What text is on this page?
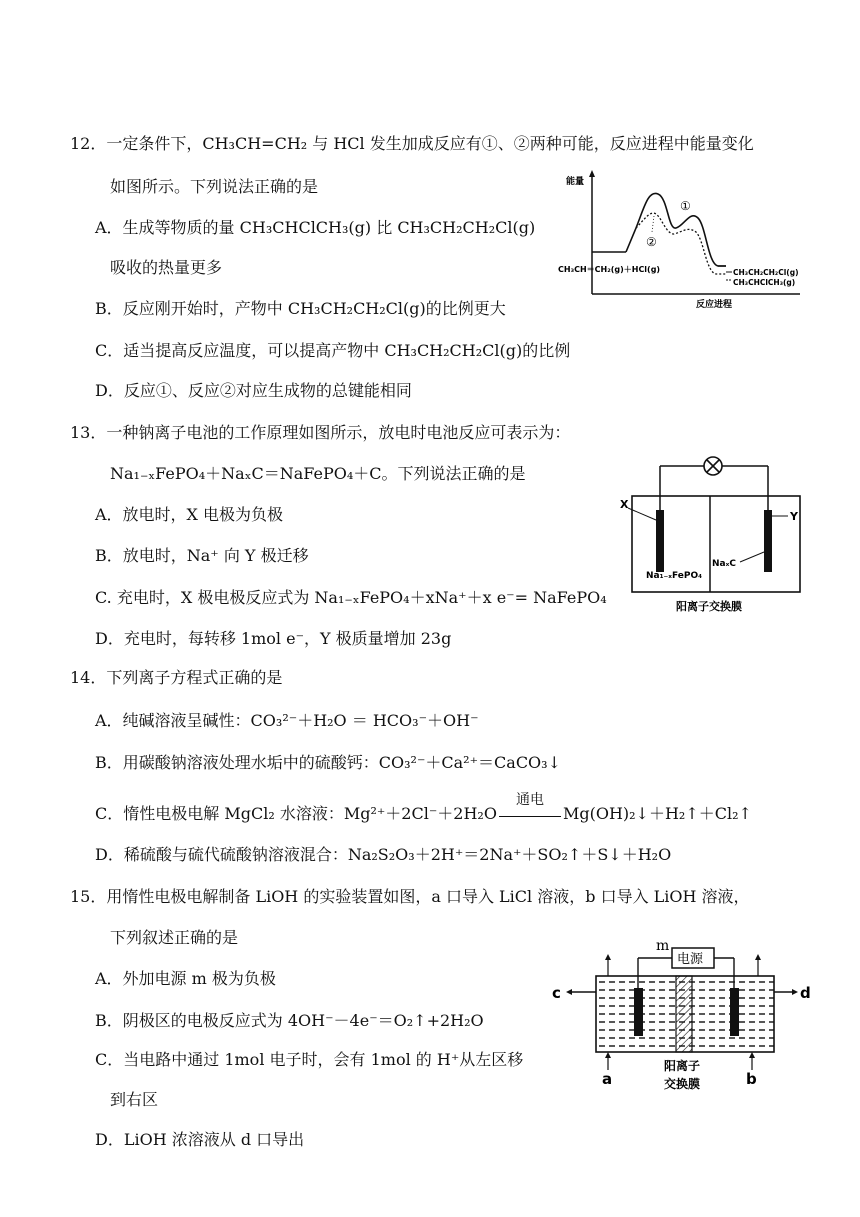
12．一定条件下，CH₃CH=CH₂ 与 HCl 发生加成反应有①、②两种可能，反应进程中能量变化
如图所示。下列说法正确的是
A．生成等物质的量 CH₃CHClCH₃(g) 比 CH₃CH₂CH₂Cl(g)
吸收的热量更多
B．反应刚开始时，产物中 CH₃CH₂CH₂Cl(g)的比例更大
C．适当提高反应温度，可以提高产物中 CH₃CH₂CH₂Cl(g)的比例
D．反应①、反应②对应生成物的总键能相同
能量
反应进程
CH₃CH＝CH₂(g)＋HCl(g)	CH₃CH₂CH₂Cl(g)
CH₃CHClCH₃(g)
①
②
13．一种钠离子电池的工作原理如图所示，放电时电池反应可表示为：
Na₁₋ₓFePO₄＋NaₓC＝NaFePO₄＋C。下列说法正确的是
A．放电时，X 电极为负极
B．放电时，Na⁺ 向 Y 极迁移
C. 充电时，X 极电极反应式为 Na₁₋ₓFePO₄＋xNa⁺＋x e⁻= NaFePO₄
D．充电时，每转移 1mol e⁻，Y 极质量增加 23g
X
Y
Na₁₋ₓFePO₄
NaₓC
阳离子交换膜
14．下列离子方程式正确的是
A．纯碱溶液呈碱性：CO₃²⁻＋H₂O ＝ HCO₃⁻＋OH⁻
B．用碳酸钠溶液处理水垢中的硫酸钙：CO₃²⁻＋Ca²⁺＝CaCO₃↓
C．惰性电极电解 MgCl₂ 水溶液：Mg²⁺＋2Cl⁻＋2H₂O
通电
Mg(OH)₂↓＋H₂↑＋Cl₂↑
D．稀硫酸与硫代硫酸钠溶液混合：Na₂S₂O₃＋2H⁺＝2Na⁺＋SO₂↑＋S↓＋H₂O
15．用惰性电极电解制备 LiOH 的实验装置如图，a 口导入 LiCl 溶液，b 口导入 LiOH 溶液，
下列叙述正确的是
A．外加电源 m 极为负极
B．阴极区的电极反应式为 4OH⁻－4e⁻＝O₂↑+2H₂O
C．当电路中通过 1mol 电子时，会有 1mol 的 H⁺从左区移
到右区
D．LiOH 浓溶液从 d 口导出
电源
m
c	d
a	b
阳离子
交换膜
